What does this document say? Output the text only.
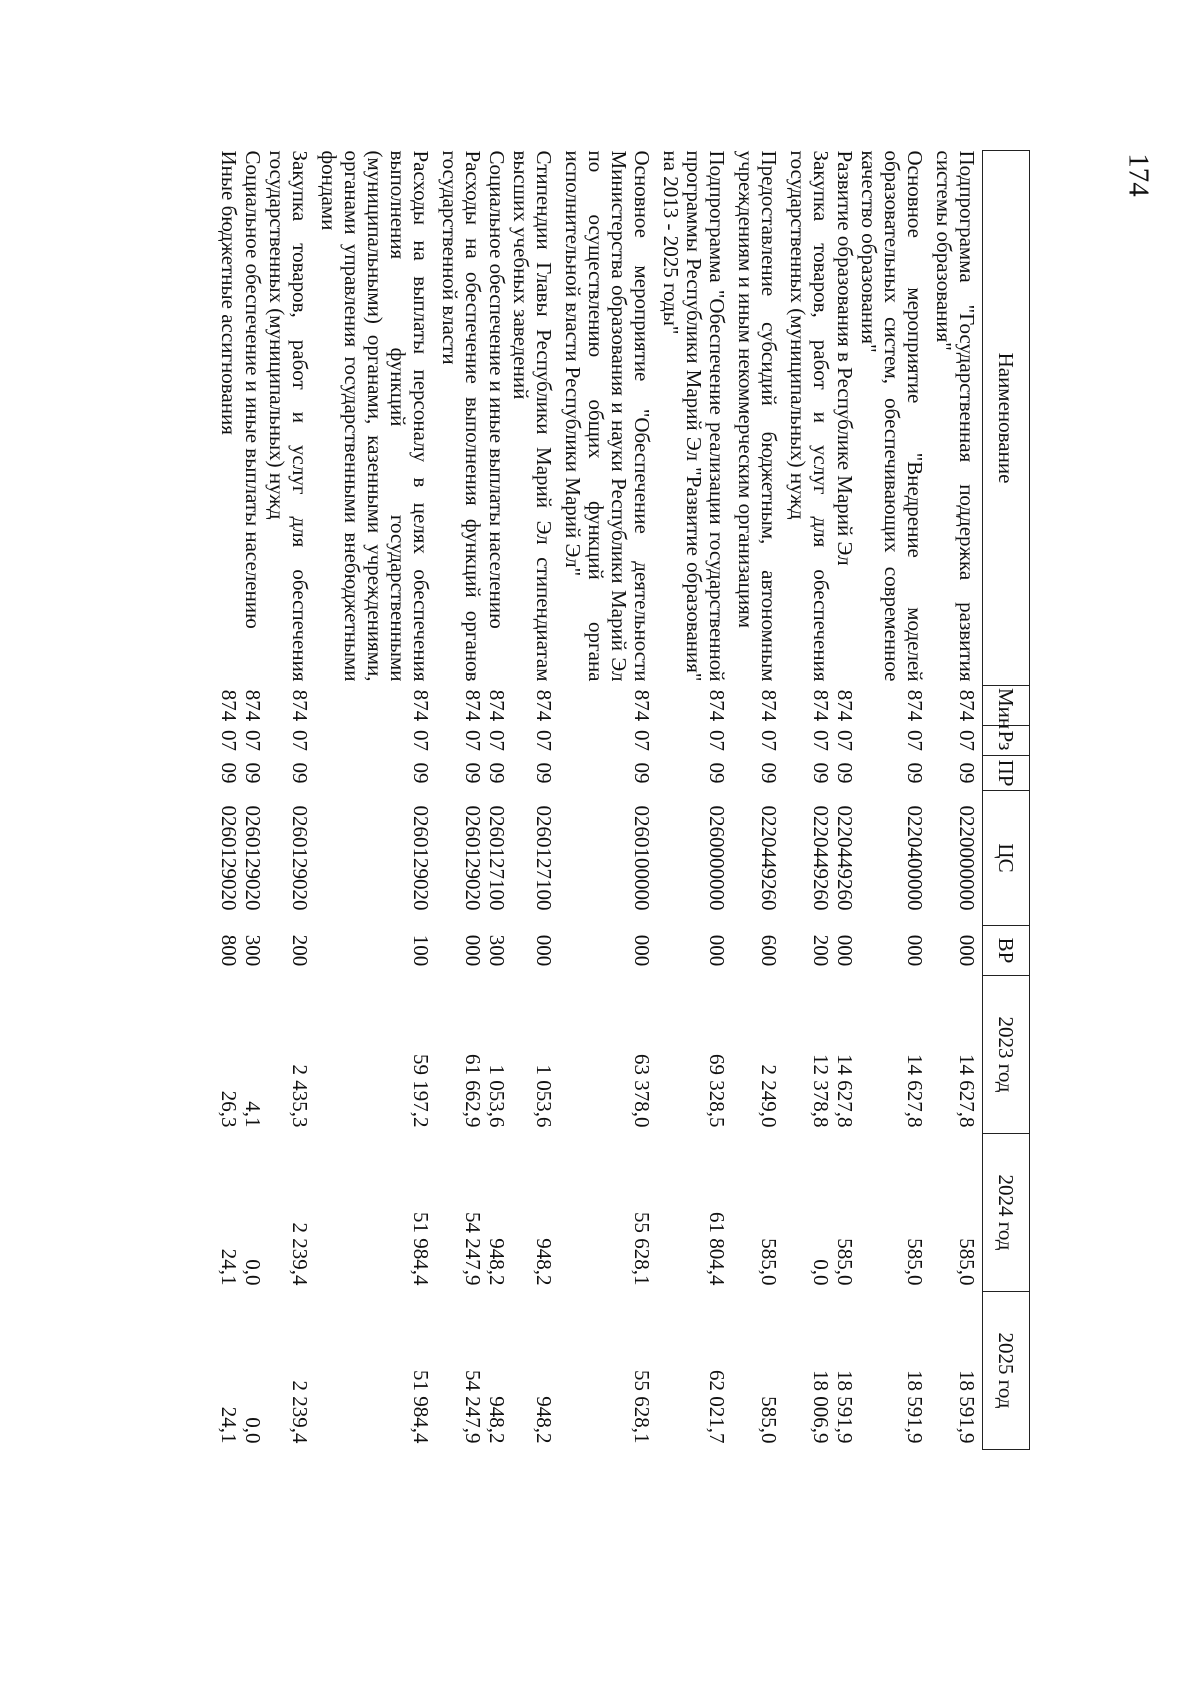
174
Наименование	Мин	Рз	ПР	ЦС	ВР	2023 год	2024 год	2025 год
Подпрограмма "Государственная поддержка развития системы образования"	874	07	09	0220000000	000	14 627,8	585,0	18 591,9
Основное мероприятие "Внедрение моделей образовательных систем, обеспечивающих современное качество образования"	874	07	09	0220400000	000	14 627,8	585,0	18 591,9
Развитие образования в Республике Марий Эл	874	07	09	0220449260	000	14 627,8	585,0	18 591,9
Закупка товаров, работ и услуг для обеспечения государственных (муниципальных) нужд	874	07	09	0220449260	200	12 378,8	0,0	18 006,9
Предоставление субсидий бюджетным, автономным учреждениям и иным некоммерческим организациям	874	07	09	0220449260	600	2 249,0	585,0	585,0
Подпрограмма "Обеспечение реализации государственной программы Республики Марий Эл "Развитие образования" на 2013 - 2025 годы"	874	07	09	0260000000	000	69 328,5	61 804,4	62 021,7
Основное мероприятие "Обеспечение деятельности Министерства образования и науки Республики Марий Эл по осуществлению общих функций органа исполнительной власти Республики Марий Эл"	874	07	09	0260100000	000	63 378,0	55 628,1	55 628,1
Стипендии Главы Республики Марий Эл стипендиатам высших учебных заведений	874	07	09	0260127100	000	1 053,6	948,2	948,2
Социальное обеспечение и иные выплаты населению	874	07	09	0260127100	300	1 053,6	948,2	948,2
Расходы на обеспечение выполнения функций органов государственной власти	874	07	09	0260129020	000	61 662,9	54 247,9	54 247,9
Расходы на выплаты персоналу в целях обеспечения выполнения функций государственными (муниципальными) органами, казенными учреждениями, органами управления государственными внебюджетными фондами	874	07	09	0260129020	100	59 197,2	51 984,4	51 984,4
Закупка товаров, работ и услуг для обеспечения государственных (муниципальных) нужд	874	07	09	0260129020	200	2 435,3	2 239,4	2 239,4
Социальное обеспечение и иные выплаты населению	874	07	09	0260129020	300	4,1	0,0	0,0
Иные бюджетные ассигнования	874	07	09	0260129020	800	26,3	24,1	24,1
